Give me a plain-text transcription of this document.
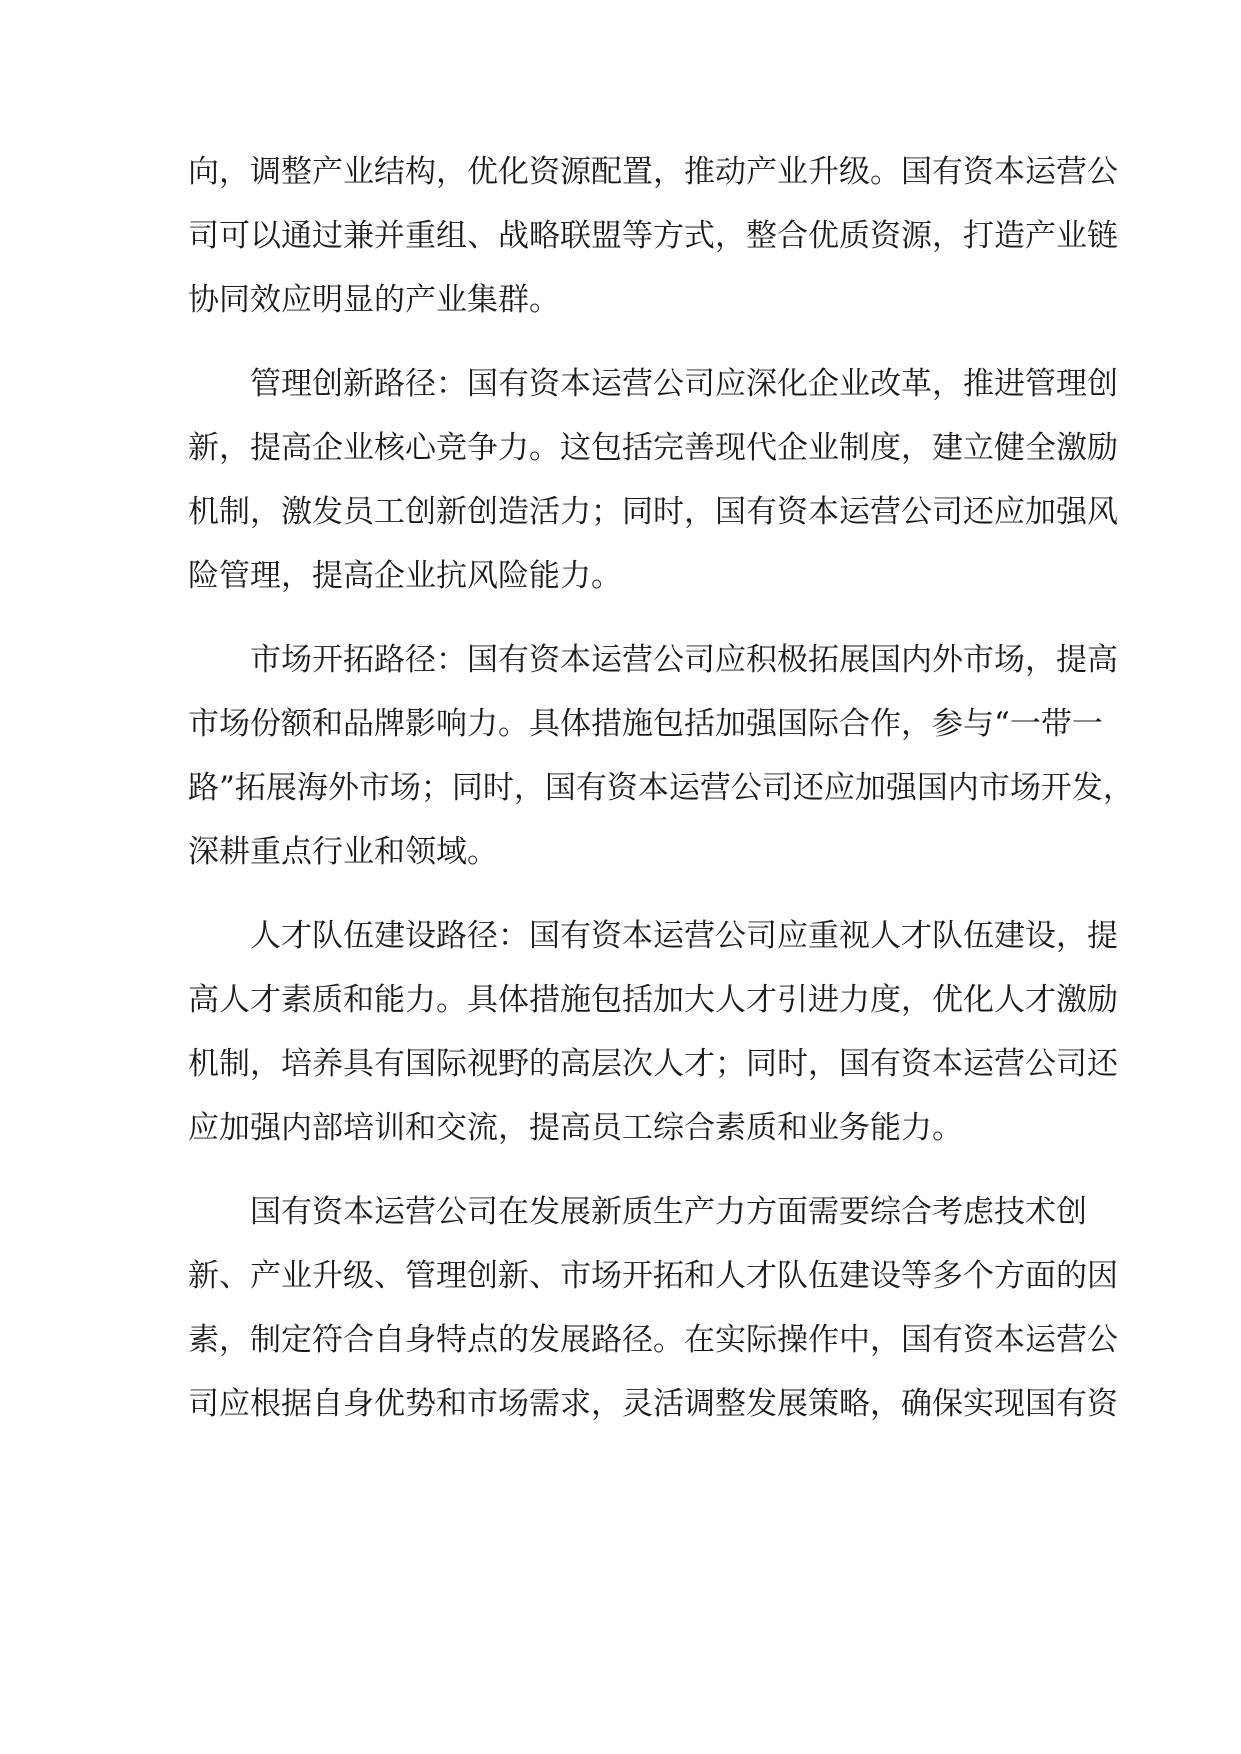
向，调整产业结构，优化资源配置，推动产业升级。国有资本运营公
司可以通过兼并重组、战略联盟等方式，整合优质资源，打造产业链
协同效应明显的产业集群。
管理创新路径：国有资本运营公司应深化企业改革，推进管理创
新，提高企业核心竞争力。这包括完善现代企业制度，建立健全激励
机制，激发员工创新创造活力；同时，国有资本运营公司还应加强风
险管理，提高企业抗风险能力。
市场开拓路径：国有资本运营公司应积极拓展国内外市场，提高
市场份额和品牌影响力。具体措施包括加强国际合作，参与“一带一
路”拓展海外市场；同时，国有资本运营公司还应加强国内市场开发，
深耕重点行业和领域。
人才队伍建设路径：国有资本运营公司应重视人才队伍建设，提
高人才素质和能力。具体措施包括加大人才引进力度，优化人才激励
机制，培养具有国际视野的高层次人才；同时，国有资本运营公司还
应加强内部培训和交流，提高员工综合素质和业务能力。
国有资本运营公司在发展新质生产力方面需要综合考虑技术创
新、产业升级、管理创新、市场开拓和人才队伍建设等多个方面的因
素，制定符合自身特点的发展路径。在实际操作中，国有资本运营公
司应根据自身优势和市场需求，灵活调整发展策略，确保实现国有资
